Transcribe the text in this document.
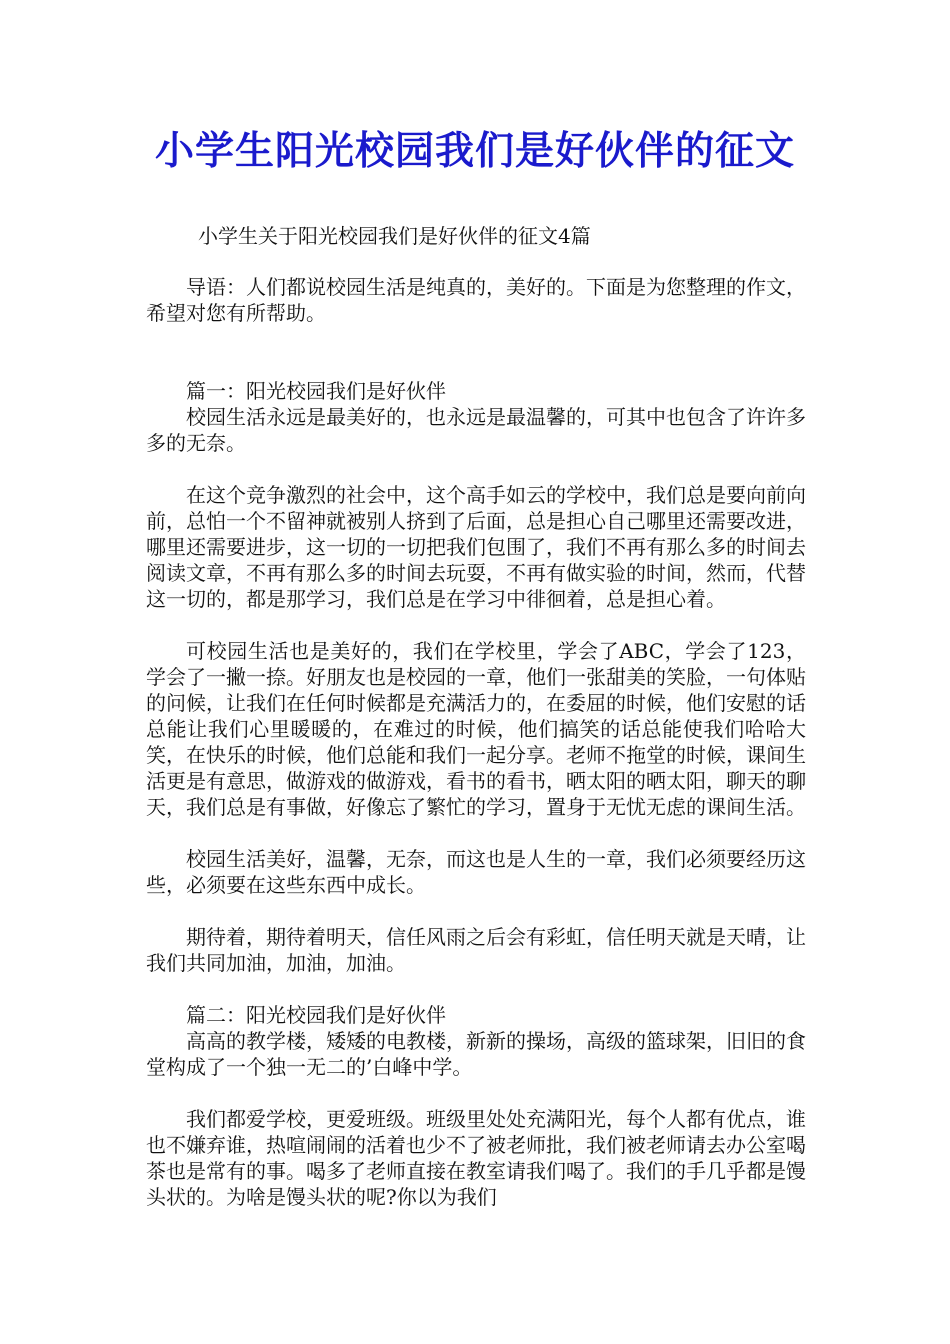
小学生阳光校园我们是好伙伴的征文

小学生关于阳光校园我们是好伙伴的征文4篇

导语：人们都说校园生活是纯真的，美好的。下面是为您整理的作文，希望对您有所帮助。

篇一：阳光校园我们是好伙伴

校园生活永远是最美好的，也永远是最温馨的，可其中也包含了许许多多的无奈。

在这个竞争激烈的社会中，这个高手如云的学校中，我们总是要向前向前，总怕一个不留神就被别人挤到了后面，总是担心自己哪里还需要改进，哪里还需要进步，这一切的一切把我们包围了，我们不再有那么多的时间去阅读文章，不再有那么多的时间去玩耍，不再有做实验的时间，然而，代替这一切的，都是那学习，我们总是在学习中徘徊着，总是担心着。

可校园生活也是美好的，我们在学校里，学会了ABC，学会了123，学会了一撇一捺。好朋友也是校园的一章，他们一张甜美的笑脸，一句体贴的问候，让我们在任何时候都是充满活力的，在委屈的时候，他们安慰的话总能让我们心里暖暖的，在难过的时候，他们搞笑的话总能使我们哈哈大笑，在快乐的时候，他们总能和我们一起分享。老师不拖堂的时候，课间生活更是有意思，做游戏的做游戏，看书的看书，晒太阳的晒太阳，聊天的聊天，我们总是有事做，好像忘了繁忙的学习，置身于无忧无虑的课间生活。

校园生活美好，温馨，无奈，而这也是人生的一章，我们必须要经历这些，必须要在这些东西中成长。

期待着，期待着明天，信任风雨之后会有彩虹，信任明天就是天晴，让我们共同加油，加油，加油。

篇二：阳光校园我们是好伙伴

高高的教学楼，矮矮的电教楼，新新的操场，高级的篮球架，旧旧的食堂构成了一个独一无二的’白峰中学。

我们都爱学校，更爱班级。班级里处处充满阳光，每个人都有优点，谁也不嫌弃谁，热喧闹闹的活着也少不了被老师批，我们被老师请去办公室喝茶也是常有的事。喝多了老师直接在教室请我们喝了。我们的手几乎都是馒头状的。为啥是馒头状的呢?你以为我们
